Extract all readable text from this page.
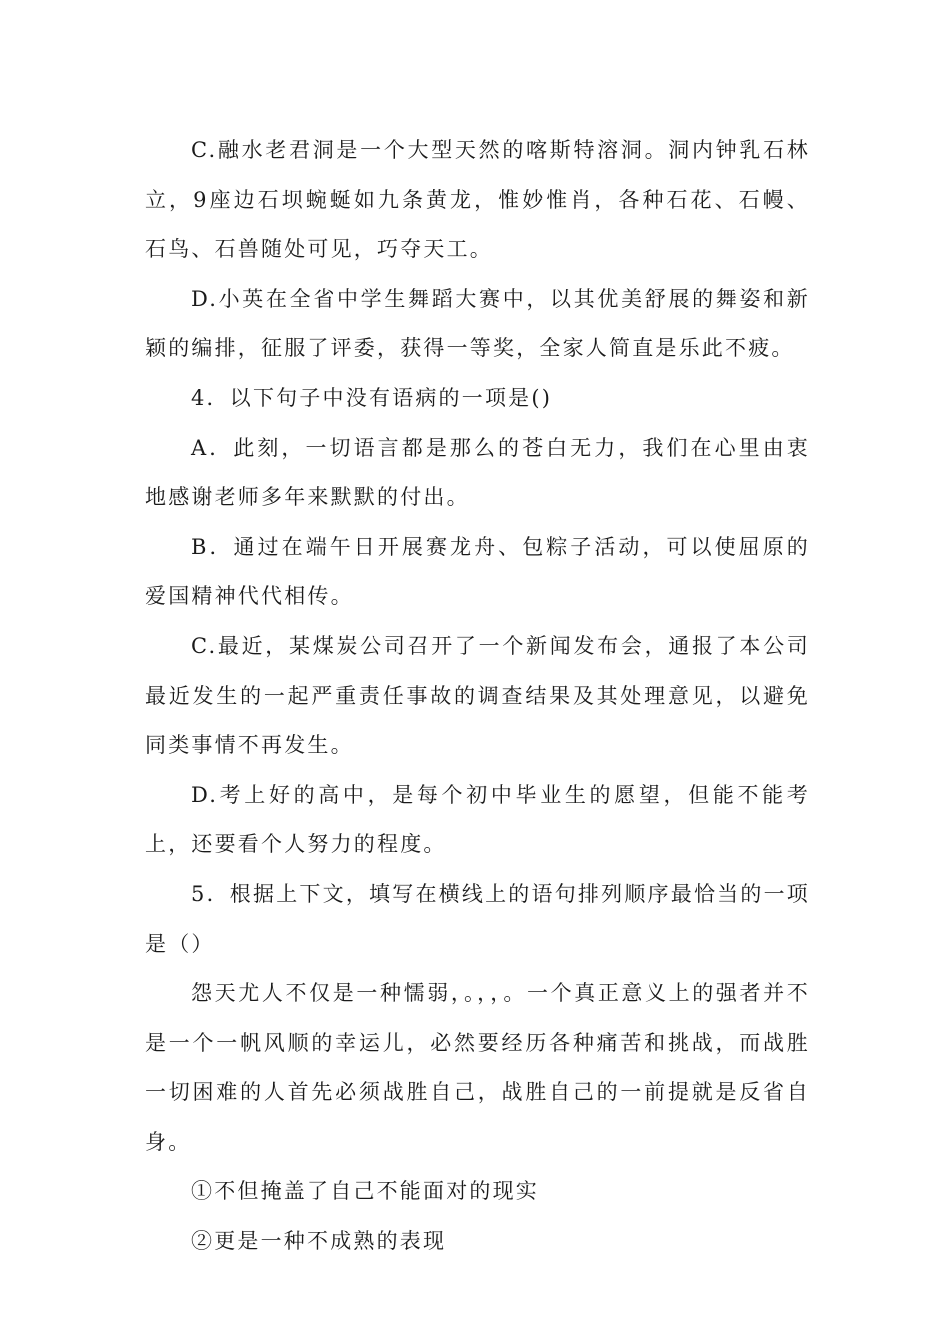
C.融水老君洞是一个大型天然的喀斯特溶洞。洞内钟乳石林立，9座边石坝蜿蜒如九条黄龙，惟妙惟肖，各种石花、石幔、石鸟、石兽随处可见，巧夺天工。

D.小英在全省中学生舞蹈大赛中，以其优美舒展的舞姿和新颖的编排，征服了评委，获得一等奖，全家人简直是乐此不疲。

4．以下句子中没有语病的一项是()

A．此刻，一切语言都是那么的苍白无力，我们在心里由衷地感谢老师多年来默默的付出。

B．通过在端午日开展赛龙舟、包粽子活动，可以使屈原的爱国精神代代相传。

C.最近，某煤炭公司召开了一个新闻发布会，通报了本公司最近发生的一起严重责任事故的调查结果及其处理意见，以避免同类事情不再发生。

D.考上好的高中，是每个初中毕业生的愿望，但能不能考上，还要看个人努力的程度。

5．根据上下文，填写在横线上的语句排列顺序最恰当的一项是（）

怨天尤人不仅是一种懦弱，。，，。一个真正意义上的强者并不是一个一帆风顺的幸运儿，必然要经历各种痛苦和挑战，而战胜一切困难的人首先必须战胜自己，战胜自己的一前提就是反省自身。

①不但掩盖了自己不能面对的现实

②更是一种不成熟的表现
